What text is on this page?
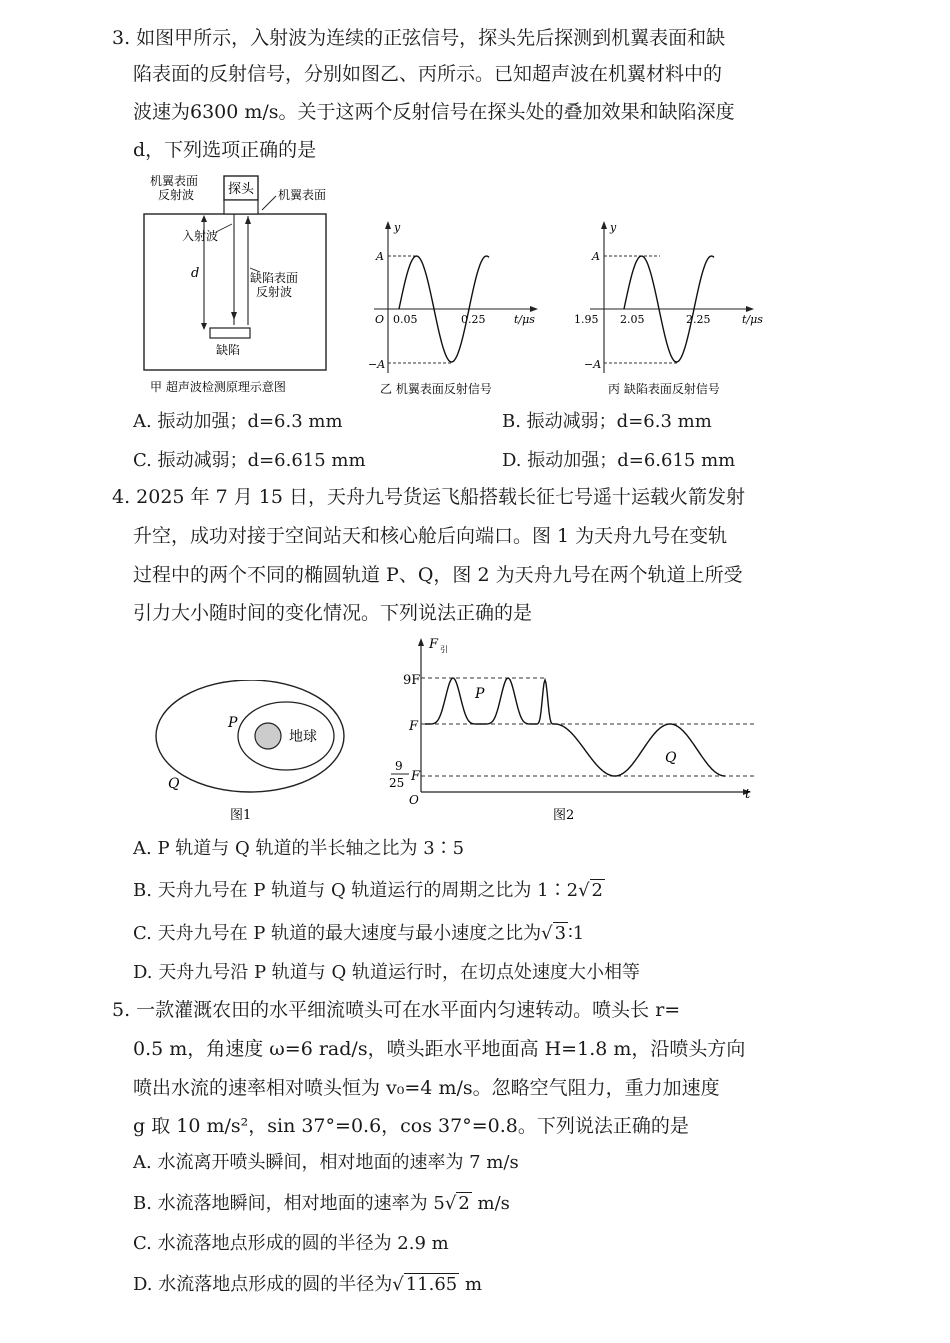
3. 如图甲所示，入射波为连续的正弦信号，探头先后探测到机翼表面和缺
陷表面的反射信号，分别如图乙、丙所示。已知超声波在机翼材料中的
波速为6300 m/s。关于这两个反射信号在探头处的叠加效果和缺陷深度
d，下列选项正确的是
探头
机翼表面
反射波	机翼表面
d
入射波
缺陷表面
反射波
缺陷
甲 超声波检测原理示意图
y
A
−A
O 0.05	0.25	t/μs
乙 机翼表面反射信号
y
A
−A
1.95 2.05	2.25	t/μs
丙 缺陷表面反射信号
A. 振动加强；d=6.3 mm	B. 振动减弱；d=6.3 mm
C. 振动减弱；d=6.615 mm	D. 振动加强；d=6.615 mm
4. 2025 年 7 月 15 日，天舟九号货运飞船搭载长征七号遥十运载火箭发射
升空，成功对接于空间站天和核心舱后向端口。图 1 为天舟九号在变轨
过程中的两个不同的椭圆轨道 P、Q，图 2 为天舟九号在两个轨道上所受
引力大小随时间的变化情况。下列说法正确的是
P
地球
Q
图1
F 引
9F
F
9
25 F
O	t
P
Q
图2
A. P 轨道与 Q 轨道的半长轴之比为 3∶5
B. 天舟九号在 P 轨道与 Q 轨道运行的周期之比为 1∶2√ 2
C. 天舟九号在 P 轨道的最大速度与最小速度之比为√ 3 ∶1
D. 天舟九号沿 P 轨道与 Q 轨道运行时，在切点处速度大小相等
5. 一款灌溉农田的水平细流喷头可在水平面内匀速转动。喷头长 r=
0.5 m，角速度 ω=6 rad/s，喷头距水平地面高 H=1.8 m，沿喷头方向
喷出水流的速率相对喷头恒为 v₀=4 m/s。忽略空气阻力，重力加速度
g 取 10 m/s²，sin 37°=0.6，cos 37°=0.8。下列说法正确的是
A. 水流离开喷头瞬间，相对地面的速率为 7 m/s
B. 水流落地瞬间，相对地面的速率为 5√ 2 m/s
C. 水流落地点形成的圆的半径为 2.9 m
D. 水流落地点形成的圆的半径为√ 11.65 m
